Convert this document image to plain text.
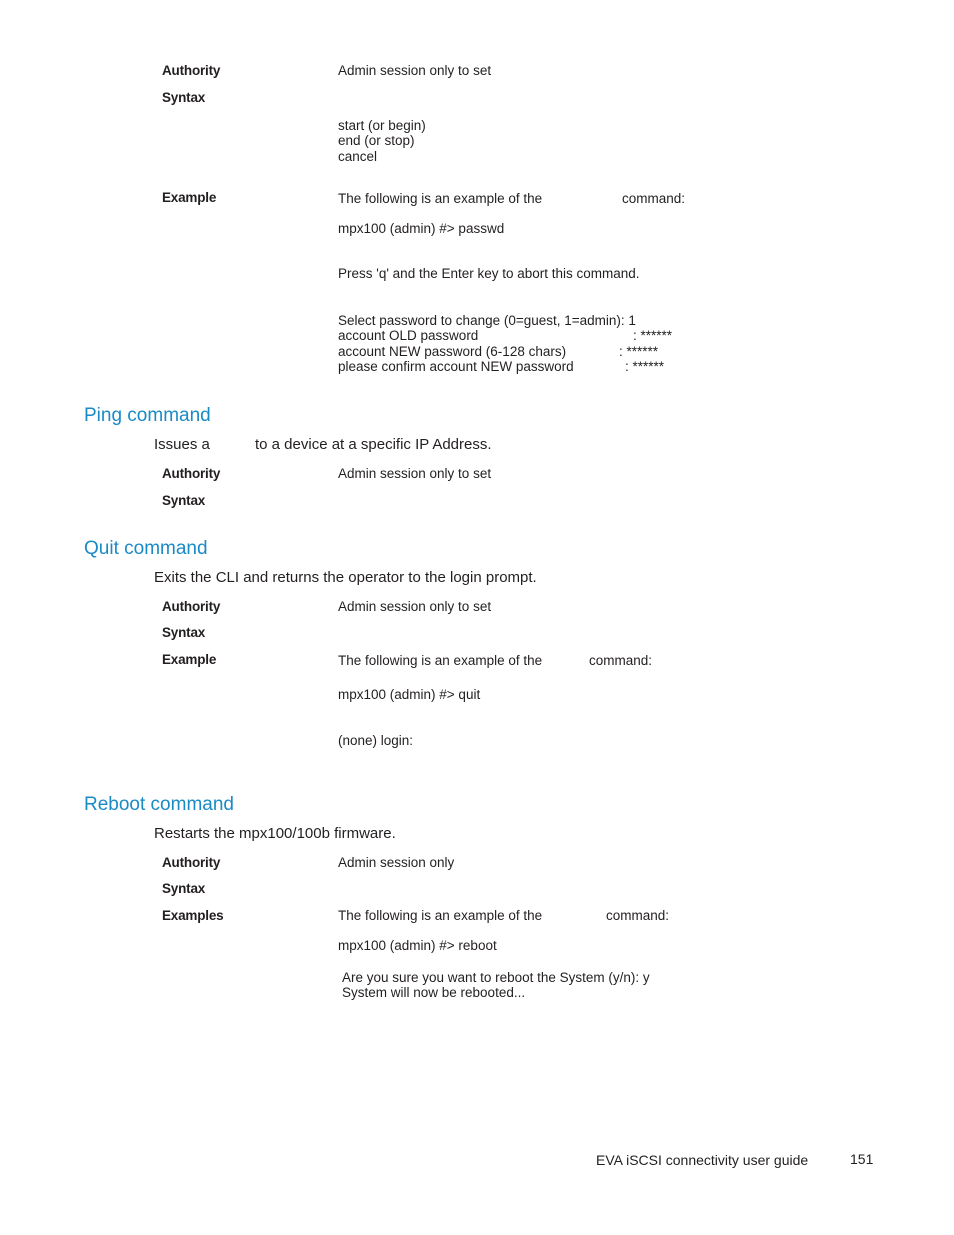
Authority	Admin session only to set
Syntax
start (or begin)
end (or stop)
cancel
Example	The following is an example of the	command:
mpx100 (admin) #> passwd
Press 'q' and the Enter key to abort this command.
Select password to change (0=guest, 1=admin): 1
account OLD password	: ******
account NEW password (6-128 chars)	: ******
please confirm account NEW password	: ******
Ping command
Issues a	to a device at a specific IP Address.
Authority	Admin session only to set
Syntax
Quit command
Exits the CLI and returns the operator to the login prompt.
Authority	Admin session only to set
Syntax
Example	The following is an example of the	command:
mpx100 (admin) #> quit
(none) login:
Reboot command
Restarts the mpx100/100b firmware.
Authority	Admin session only
Syntax
Examples	The following is an example of the	command:
mpx100 (admin) #> reboot
Are you sure you want to reboot the System (y/n): y
System will now be rebooted...
EVA iSCSI connectivity user guide	151
